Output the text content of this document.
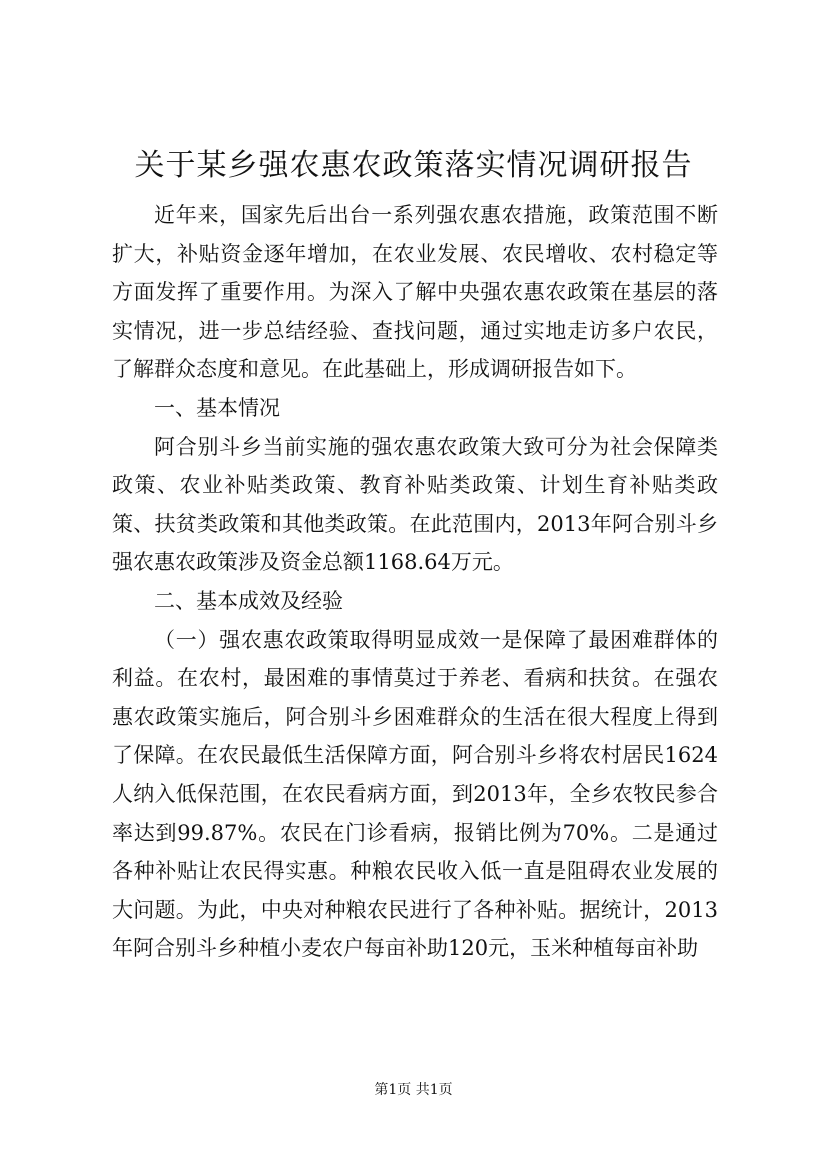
关于某乡强农惠农政策落实情况调研报告

近年来，国家先后出台一系列强农惠农措施，政策范围不断扩大，补贴资金逐年增加，在农业发展、农民增收、农村稳定等方面发挥了重要作用。为深入了解中央强农惠农政策在基层的落实情况，进一步总结经验、查找问题，通过实地走访多户农民，了解群众态度和意见。在此基础上，形成调研报告如下。

一、基本情况

阿合别斗乡当前实施的强农惠农政策大致可分为社会保障类政策、农业补贴类政策、教育补贴类政策、计划生育补贴类政策、扶贫类政策和其他类政策。在此范围内，2013年阿合别斗乡强农惠农政策涉及资金总额1168.64万元。

二、基本成效及经验

（一）强农惠农政策取得明显成效一是保障了最困难群体的利益。在农村，最困难的事情莫过于养老、看病和扶贫。在强农惠农政策实施后，阿合别斗乡困难群众的生活在很大程度上得到了保障。在农民最低生活保障方面，阿合别斗乡将农村居民1624人纳入低保范围，在农民看病方面，到2013年，全乡农牧民参合率达到99.87%。农民在门诊看病，报销比例为70%。二是通过各种补贴让农民得实惠。种粮农民收入低一直是阻碍农业发展的大问题。为此，中央对种粮农民进行了各种补贴。据统计，2013年阿合别斗乡种植小麦农户每亩补助120元，玉米种植每亩补助

第1页 共1页
